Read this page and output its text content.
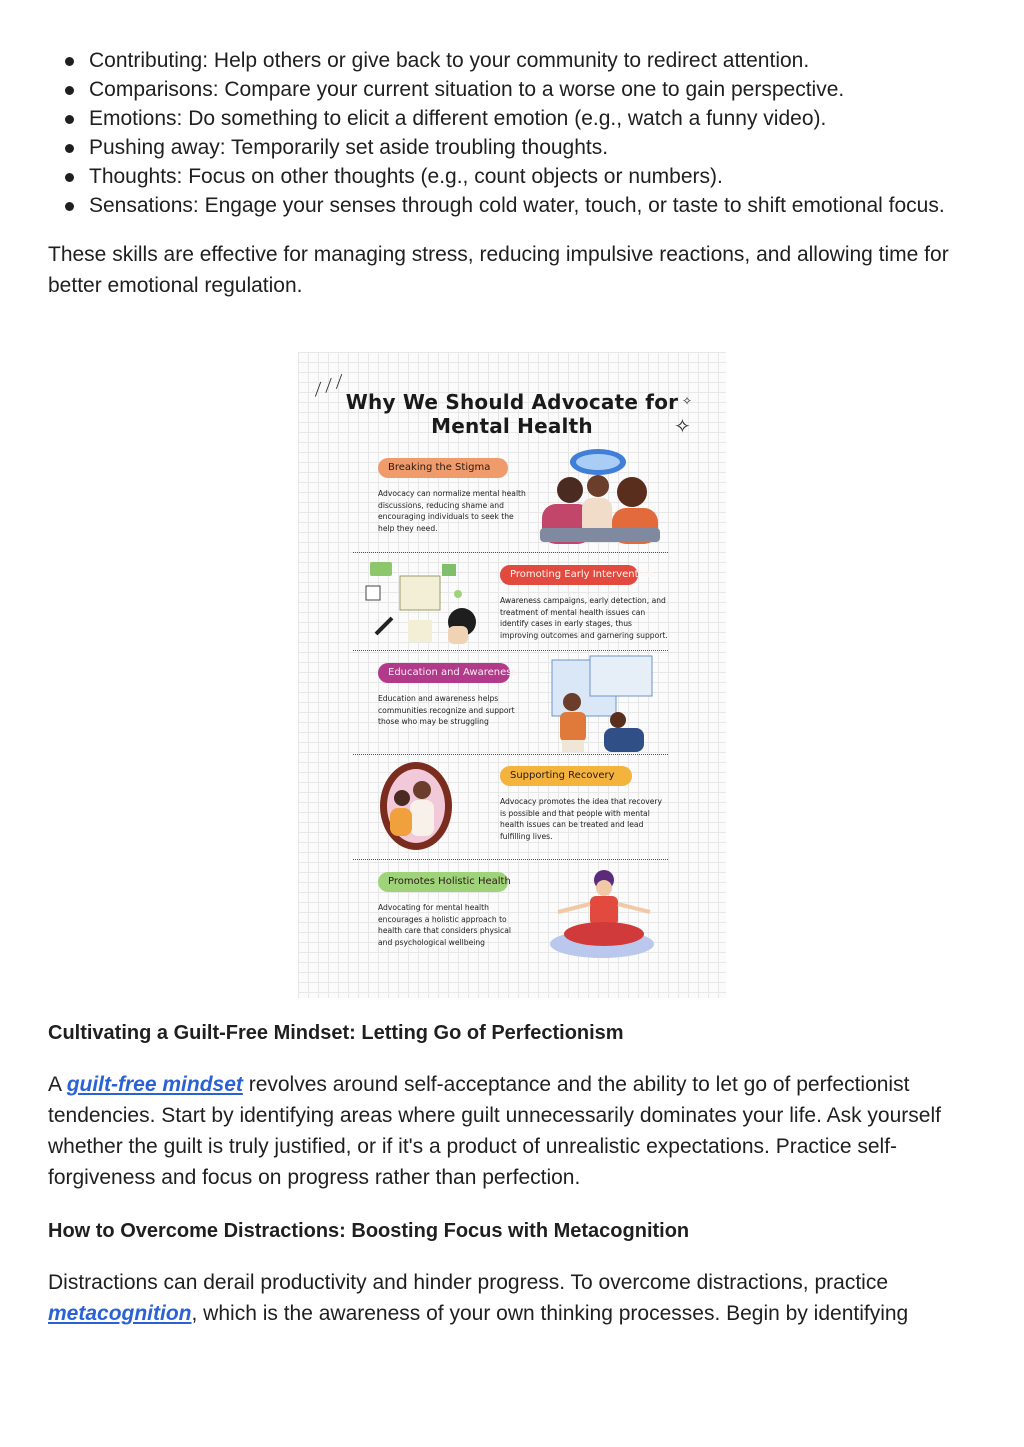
Contributing: Help others or give back to your community to redirect attention.
Comparisons: Compare your current situation to a worse one to gain perspective.
Emotions: Do something to elicit a different emotion (e.g., watch a funny video).
Pushing away: Temporarily set aside troubling thoughts.
Thoughts: Focus on other thoughts (e.g., count objects or numbers).
Sensations: Engage your senses through cold water, touch, or taste to shift emotional focus.

These skills are effective for managing stress, reducing impulsive reactions, and allowing time for better emotional regulation.

⟋⟋⟋
✧
✧
Why We Should Advocate for
Mental Health
Breaking the Stigma
Advocacy can normalize mental health discussions, reducing shame and encouraging individuals to seek the help they need.
Promoting Early Intervention
Awareness campaigns, early detection, and treatment of mental health issues can identify cases in early stages, thus improving outcomes and garnering support.
Education and Awareness
Education and awareness helps communities recognize and support those who may be struggling
Supporting Recovery
Advocacy promotes the idea that recovery is possible and that people with mental health issues can be treated and lead fulfilling lives.
Promotes Holistic Health
Advocating for mental health encourages a holistic approach to health care that considers physical and psychological wellbeing
Cultivating a Guilt-Free Mindset: Letting Go of Perfectionism

A guilt-free mindset revolves around self-acceptance and the ability to let go of perfectionist tendencies. Start by identifying areas where guilt unnecessarily dominates your life. Ask yourself whether the guilt is truly justified, or if it's a product of unrealistic expectations. Practice self-forgiveness and focus on progress rather than perfection.

How to Overcome Distractions: Boosting Focus with Metacognition

Distractions can derail productivity and hinder progress. To overcome distractions, practice metacognition, which is the awareness of your own thinking processes. Begin by identifying
